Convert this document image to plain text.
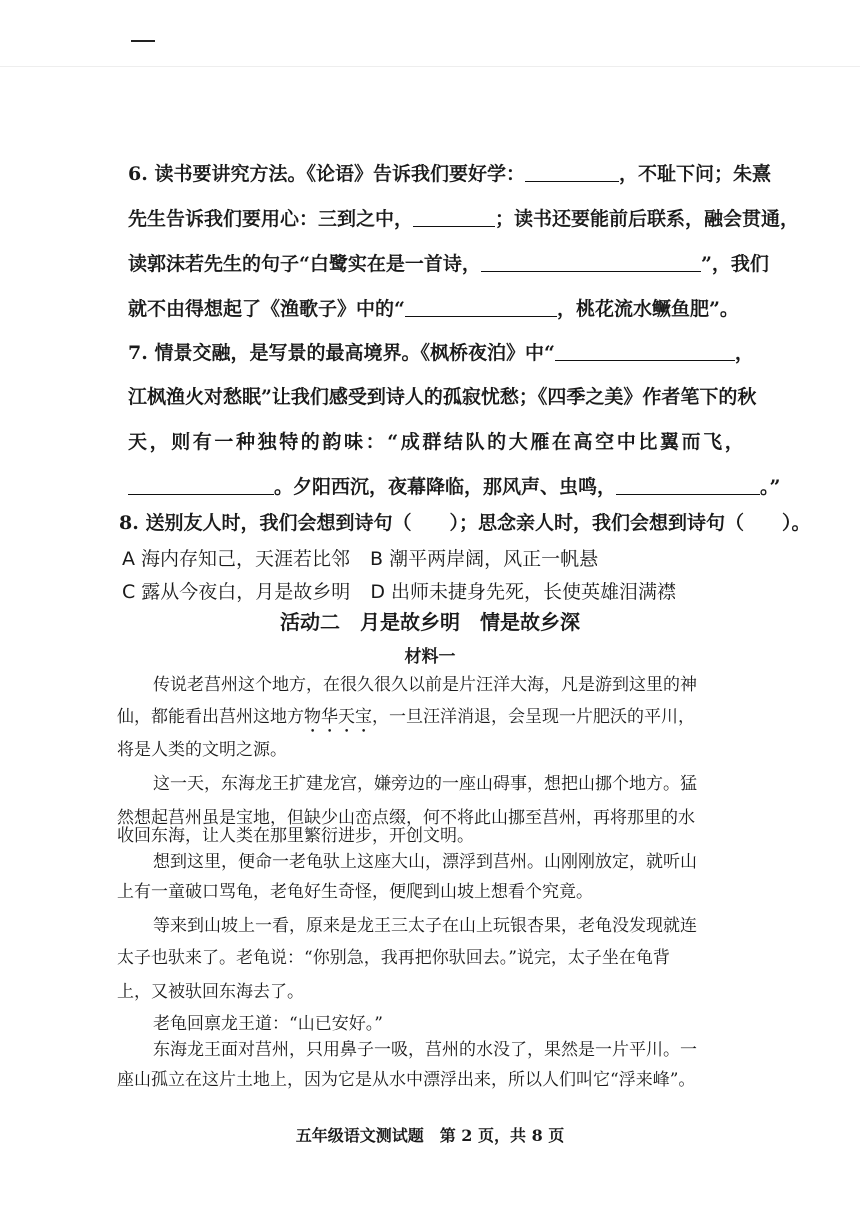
6. 读书要讲究方法。《论语》告诉我们要好学：	，不耻下问；朱熹
先生告诉我们要用心：三到之中，	；读书还要能前后联系，融会贯通，
读郭沫若先生的句子“白鹭实在是一首诗，	”，我们
就不由得想起了《渔歌子》中的“	，桃花流水鳜鱼肥”。
7. 情景交融，是写景的最高境界。《枫桥夜泊》中“	，
江枫渔火对愁眠”让我们感受到诗人的孤寂忧愁；《四季之美》作者笔下的秋
天，则有一种独特的韵味：“成群结队的大雁在高空中比翼而飞，
。夕阳西沉，夜幕降临，那风声、虫鸣，	。”
8. 送别友人时，我们会想到诗句（　　）；思念亲人时，我们会想到诗句（　　）。
A 海内存知己，天涯若比邻 B 潮平两岸阔，风正一帆悬
C 露从今夜白，月是故乡明 D 出师未捷身先死，长使英雄泪满襟
活动二　月是故乡明　情是故乡深
材料一
传说老莒州这个地方，在很久很久以前是片汪洋大海，凡是游到这里的神
仙，都能看出莒州这地方物华天宝，一旦汪洋消退，会呈现一片肥沃的平川，
将是人类的文明之源。
这一天，东海龙王扩建龙宫，嫌旁边的一座山碍事，想把山挪个地方。猛
然想起莒州虽是宝地，但缺少山峦点缀，何不将此山挪至莒州，再将那里的水
收回东海，让人类在那里繁衍进步，开创文明。
想到这里，便命一老龟驮上这座大山，漂浮到莒州。山刚刚放定，就听山
上有一童破口骂龟，老龟好生奇怪，便爬到山坡上想看个究竟。
等来到山坡上一看，原来是龙王三太子在山上玩银杏果，老龟没发现就连
太子也驮来了。老龟说：“你别急，我再把你驮回去。”说完，太子坐在龟背
上，又被驮回东海去了。
老龟回禀龙王道：“山已安好。”
东海龙王面对莒州，只用鼻子一吸，莒州的水没了，果然是一片平川。一
座山孤立在这片土地上，因为它是从水中漂浮出来，所以人们叫它“浮来峰”。
五年级语文测试题　第 2 页，共 8 页
